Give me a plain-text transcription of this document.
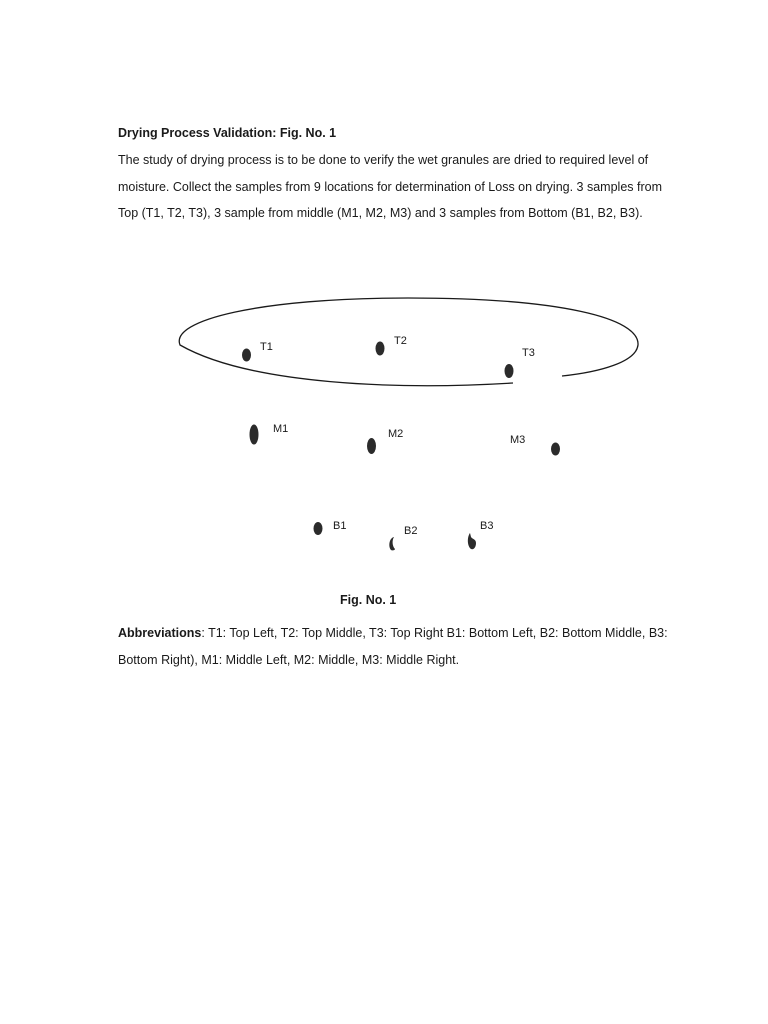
Drying Process Validation: Fig. No. 1

The study of drying process is to be done to verify the wet granules are dried to required level of moisture. Collect the samples from 9 locations for determination of Loss on drying. 3 samples from Top (T1, T2, T3), 3 sample from middle (M1, M2, M3) and 3 samples from Bottom (B1, B2, B3).

T1	T2
T3
M1	M2	M3
B1	B2	B3
Fig. No. 1

Abbreviations: T1: Top Left, T2: Top Middle, T3: Top Right B1: Bottom Left, B2: Bottom Middle, B3: Bottom Right), M1: Middle Left, M2: Middle, M3: Middle Right.
